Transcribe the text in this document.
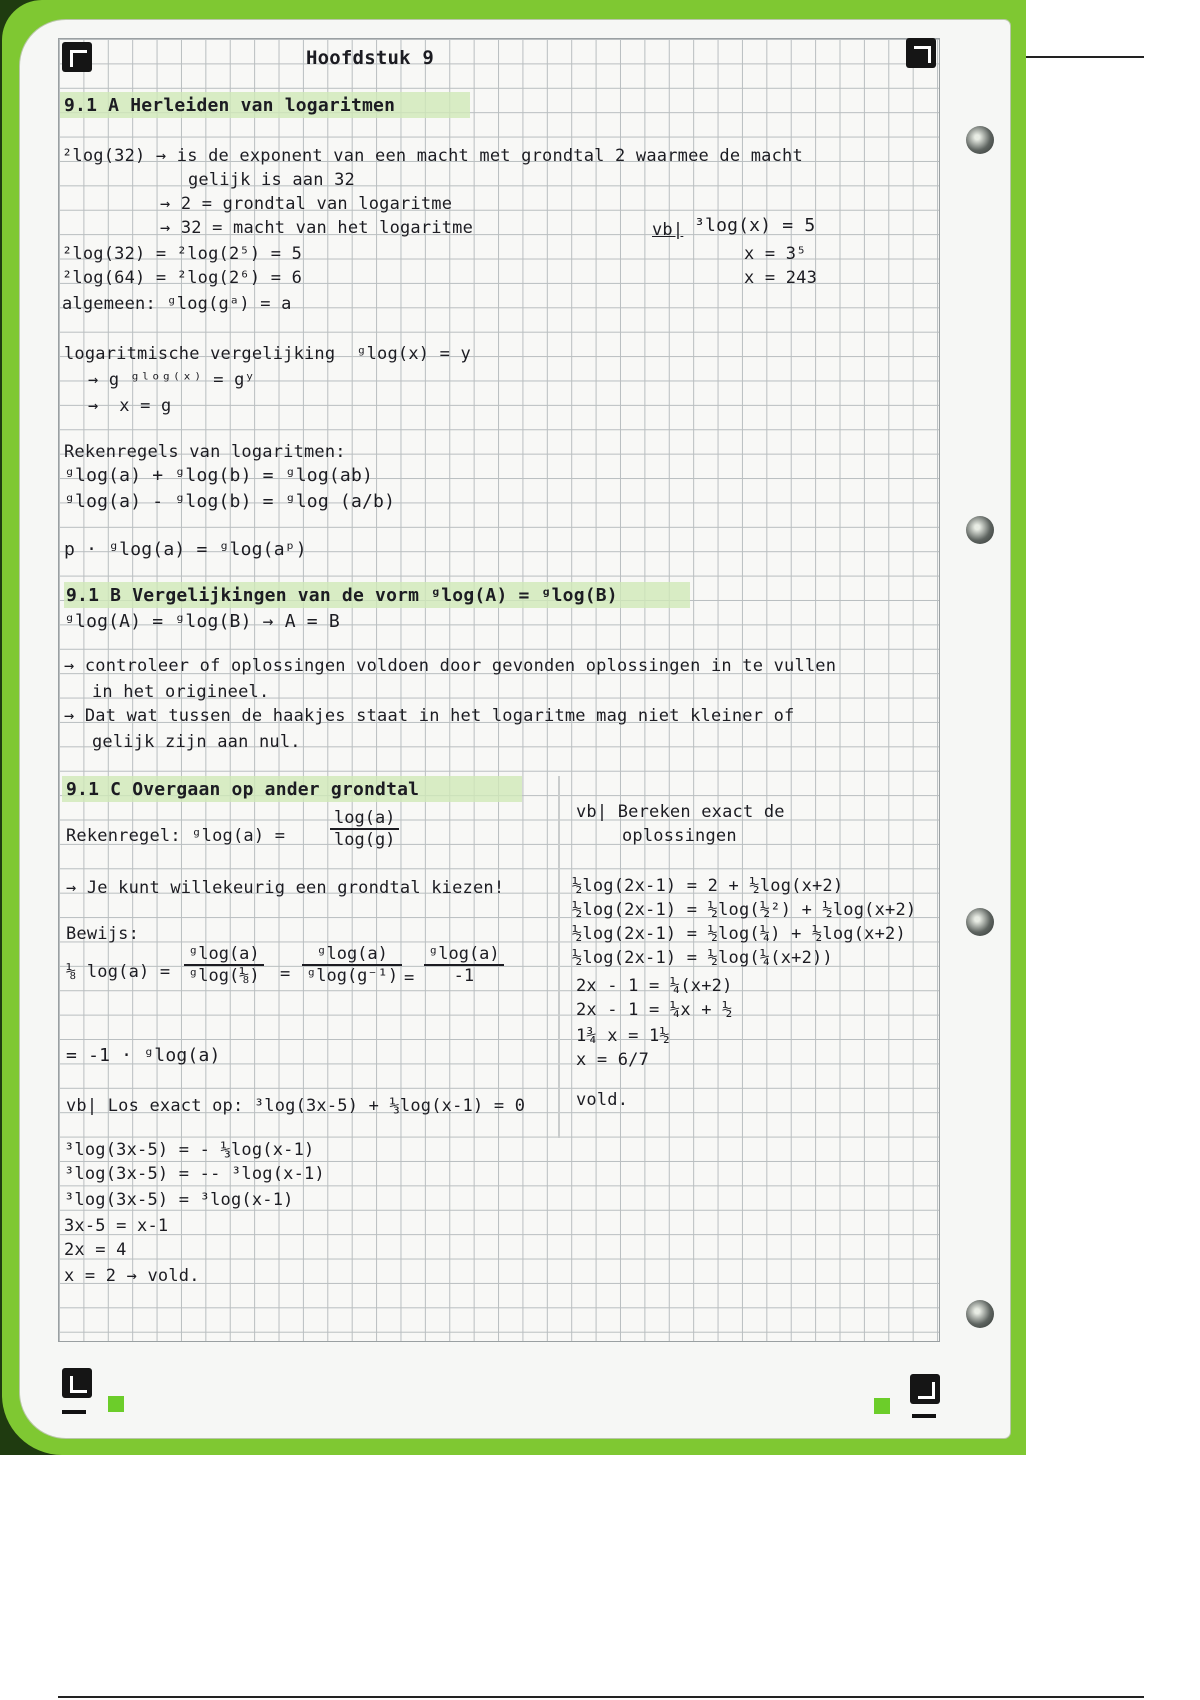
Hoofdstuk 9
9.1 A Herleiden van logaritmen
²log(32) → is de exponent van een macht met grondtal 2 waarmee de macht
gelijk is aan 32
→ 2 = grondtal van logaritme
→ 32 = macht van het logaritme
²log(32) = ²log(2⁵) = 5
²log(64) = ²log(2⁶) = 6
algemeen: ᵍlog(gᵃ) = a
vb| ³log(x) = 5
x = 3⁵
x = 243
logaritmische vergelijking  ᵍlog(x) = y
→ g ᵍˡᵒᵍ⁽ˣ⁾ = gʸ
→  x = g
Rekenregels van logaritmen:
ᵍlog(a) + ᵍlog(b) = ᵍlog(ab)
ᵍlog(a) - ᵍlog(b) = ᵍlog (a/b)
p · ᵍlog(a) = ᵍlog(aᵖ)
9.1 B Vergelijkingen van de vorm ᵍlog(A) = ᵍlog(B)
ᵍlog(A) = ᵍlog(B) → A = B
→ controleer of oplossingen voldoen door gevonden oplossingen in te vullen
in het origineel.
→ Dat wat tussen de haakjes staat in het logaritme mag niet kleiner of
gelijk zijn aan nul.
9.1 C Overgaan op ander grondtal
Rekenregel: ᵍlog(a) =	$\frac{\log(a)}{\log(g)}$
→ Je kunt willekeurig een grondtal kiezen!
Bewijs:
⅛ $\log(a) = \frac{\text{ᵍlog(a)}}{\text{ᵍlog(⅛)}} = \frac{\text{ᵍlog(a)}}{\text{ᵍlog(g⁻¹)}} = \frac{\text{ᵍlog(a)}}{-1}$
= -1 · ᵍlog(a)
vb| Los exact op: ³log(3x-5) + ⅓log(x-1) = 0
³log(3x-5) = - ⅓log(x-1)
³log(3x-5) = -- ³log(x-1)
³log(3x-5) = ³log(x-1)
3x-5 = x-1
2x = 4
x = 2 → vold.
vb| Bereken exact de
oplossingen
½log(2x-1) = 2 + ½log(x+2)
½log(2x-1) = ½log(½²) + ½log(x+2)
½log(2x-1) = ½log(¼) + ½log(x+2)
½log(2x-1) = ½log(¼(x+2))
2x - 1 = ¼(x+2)
2x - 1 = ¼x + ½
1¾ x = 1½
x = 6/7
vold.
